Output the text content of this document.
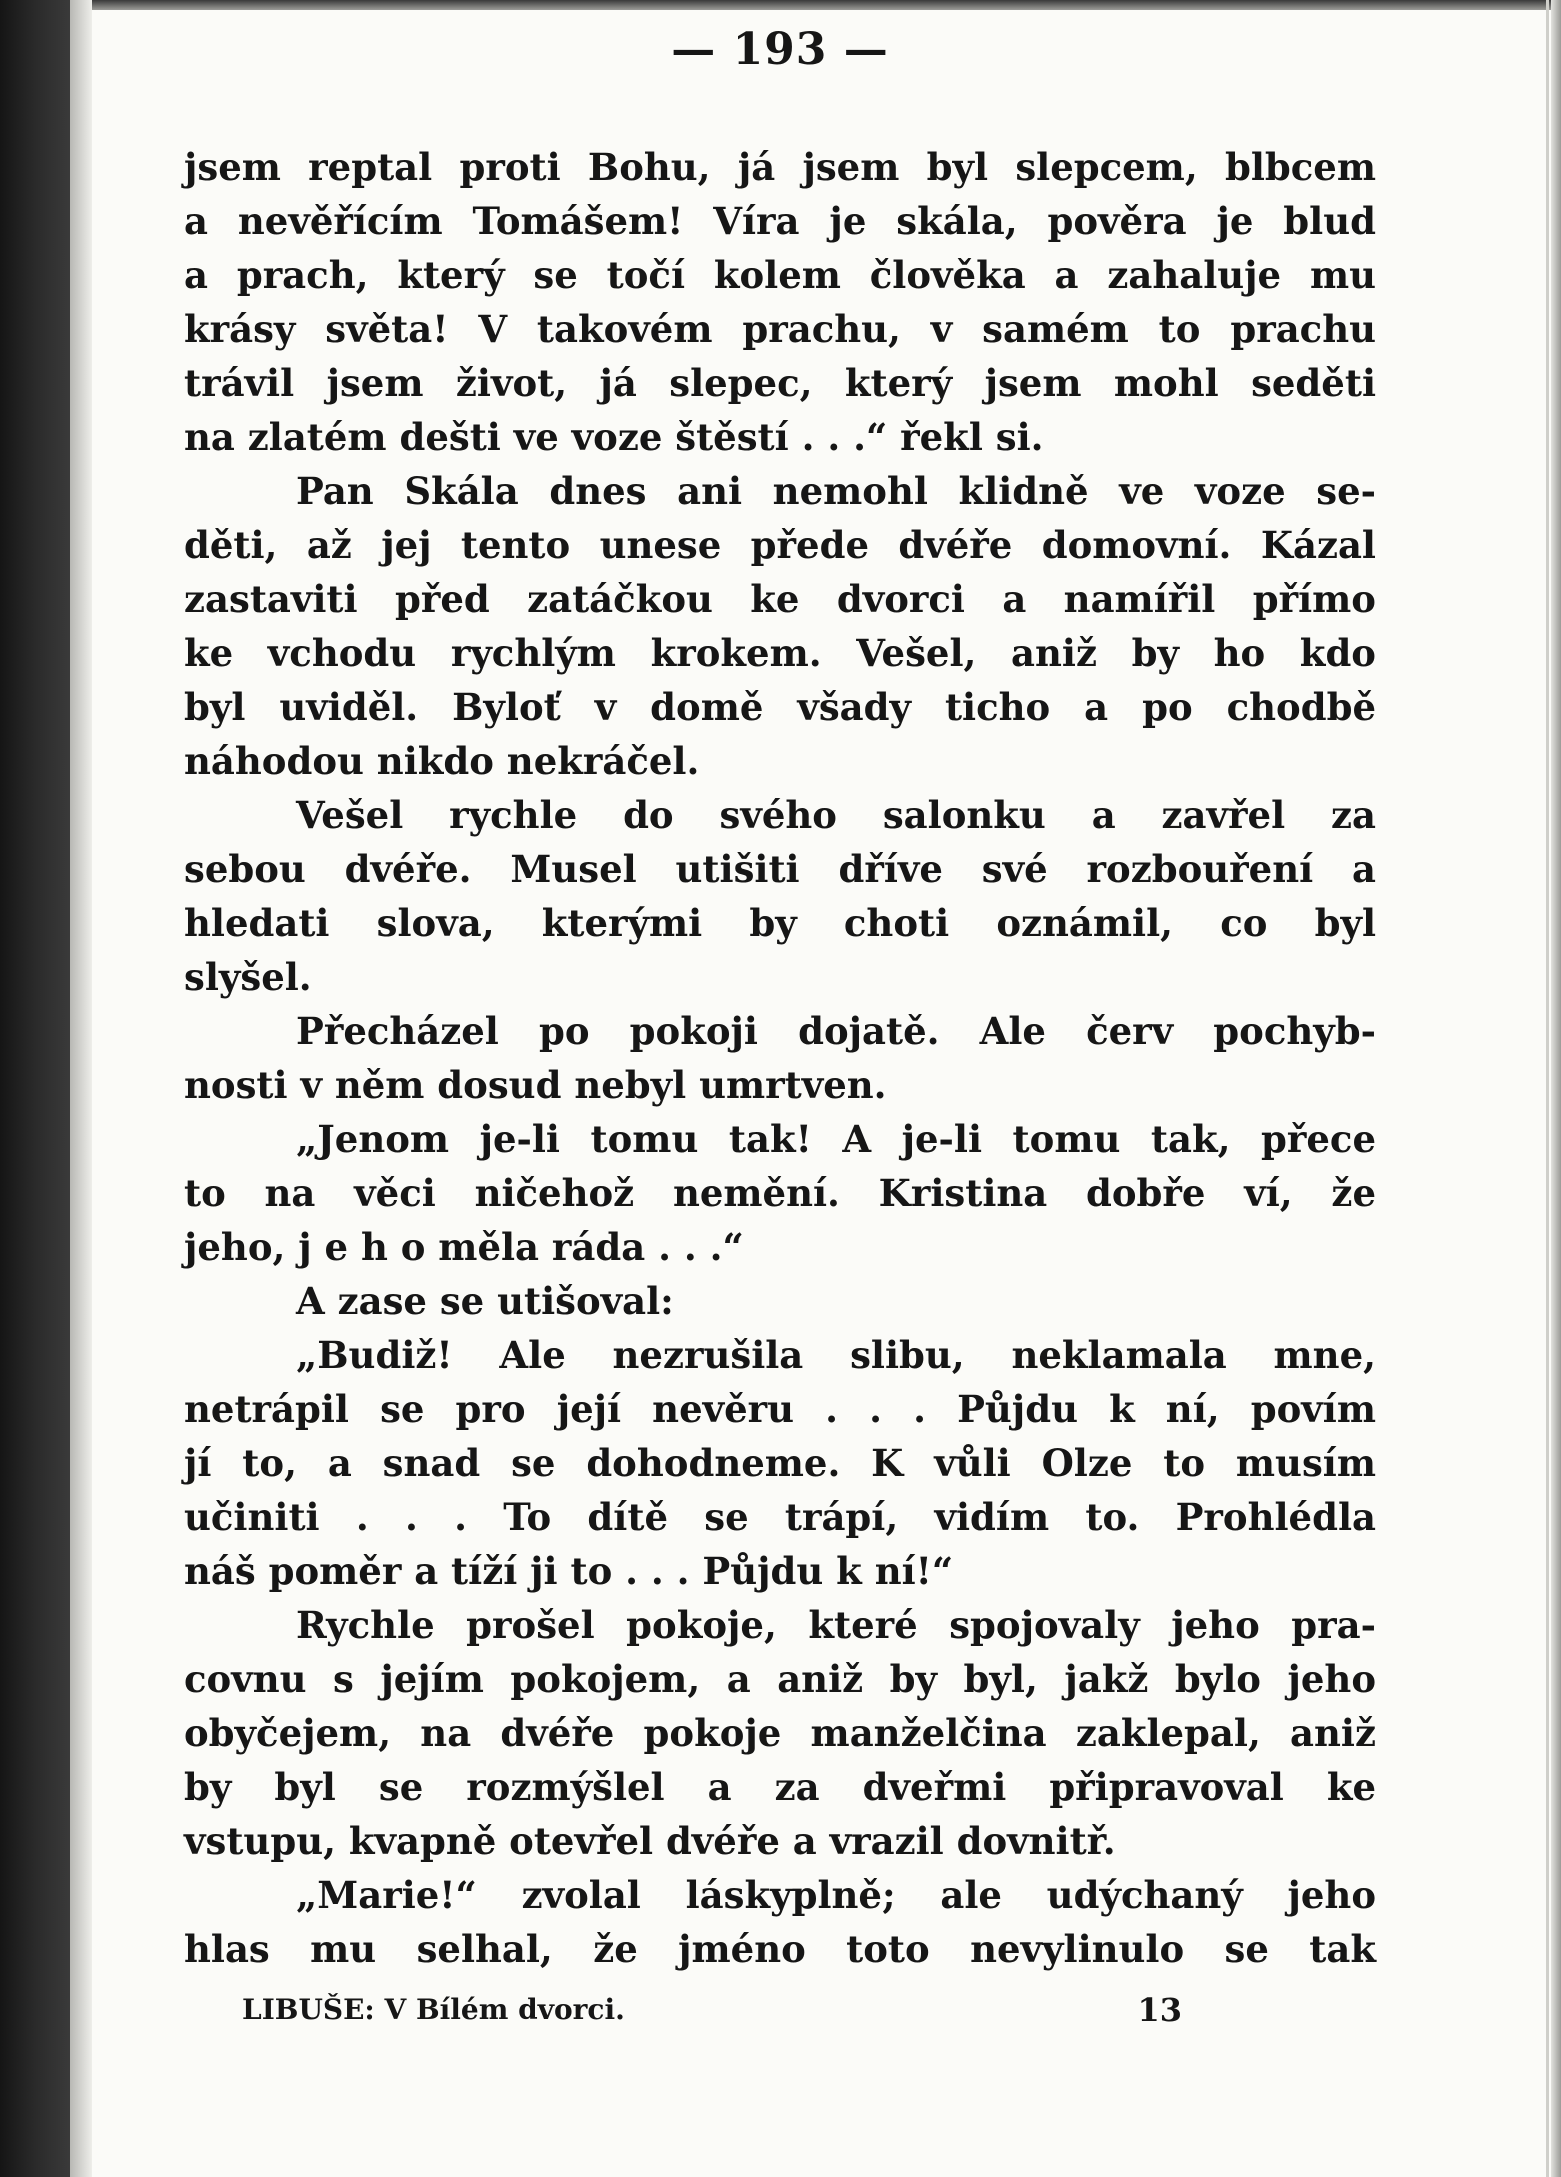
— 193 —
jsem reptal proti Bohu, já jsem byl slepcem, blbcem
a nevěřícím Tomášem! Víra je skála, pověra je blud
a prach, který se točí kolem člověka a zahaluje mu
krásy světa! V takovém prachu, v samém to prachu
trávil jsem život, já slepec, který jsem mohl seděti
na zlatém dešti ve voze štěstí . . .“ řekl si.
Pan Skála dnes ani nemohl klidně ve voze se-
děti, až jej tento unese přede dvéře domovní. Kázal
zastaviti před zatáčkou ke dvorci a namířil přímo
ke vchodu rychlým krokem. Vešel, aniž by ho kdo
byl uviděl. Byloť v domě všady ticho a po chodbě
náhodou nikdo nekráčel.
Vešel rychle do svého salonku a zavřel za
sebou dvéře. Musel utišiti dříve své rozbouření a
hledati slova, kterými by choti oznámil, co byl
slyšel.
Přecházel po pokoji dojatě. Ale červ pochyb-
nosti v něm dosud nebyl umrtven.
„Jenom je-li tomu tak! A je-li tomu tak, přece
to na věci ničehož nemění. Kristina dobře ví, že
jeho, j e h o měla ráda . . .“
A zase se utišoval:
„Budiž! Ale nezrušila slibu, neklamala mne,
netrápil se pro její nevěru . . . Půjdu k ní, povím
jí to, a snad se dohodneme. K vůli Olze to musím
učiniti . . . To dítě se trápí, vidím to. Prohlédla
náš poměr a tíží ji to . . . Půjdu k ní!“
Rychle prošel pokoje, které spojovaly jeho pra-
covnu s jejím pokojem, a aniž by byl, jakž bylo jeho
obyčejem, na dvéře pokoje manželčina zaklepal, aniž
by byl se rozmýšlel a za dveřmi připravoval ke
vstupu, kvapně otevřel dvéře a vrazil dovnitř.
„Marie!“ zvolal láskyplně; ale udýchaný jeho
hlas mu selhal, že jméno toto nevylinulo se tak
LIBUŠE: V Bílém dvorci.	13
